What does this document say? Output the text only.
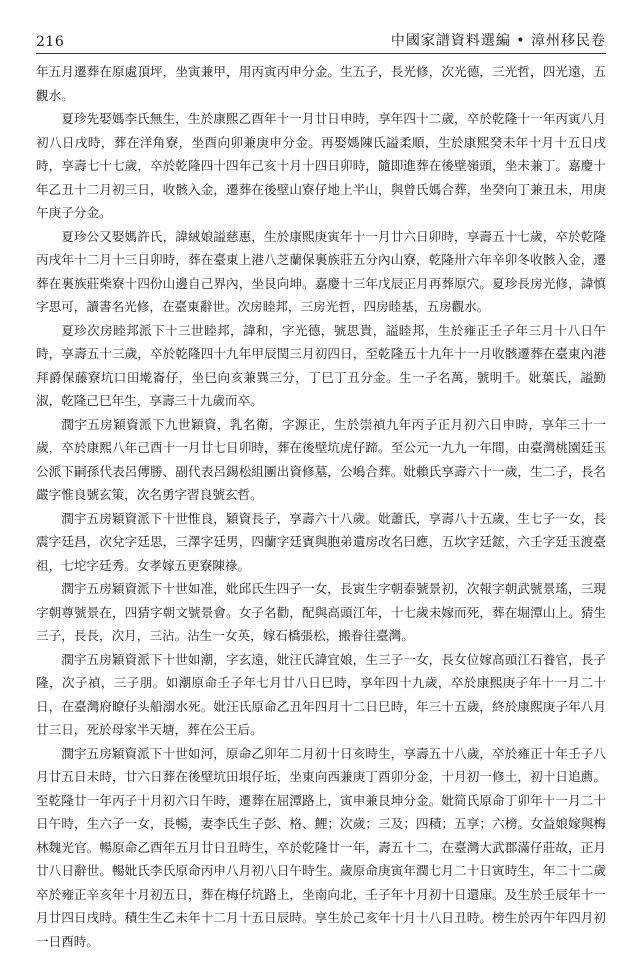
216	中國家譜資料選編 • 漳州移民卷

年五月遷葬在原處頂坪，坐寅兼甲，用丙寅丙申分金。生五子，長光修，次光德，三光哲，四光遠，五觀水。

夏珍先娶媽李氏無生，生於康熙乙酉年十一月廿日申時，享年四十二歲，卒於乾隆十一年丙寅八月初八日戌時，葬在洋角寮，坐酉向卯兼庚申分金。再娶媽陳氏謚柔順，生於康熙癸未年十月十五日戌時，享壽七十七歲，卒於乾隆四十四年己亥十月十四日卯時，隨即進葬在後壁嶺頭，坐未兼丁。嘉慶十年乙丑十二月初三日，收骸入金，遷葬在後壁山寮仔地上半山，與曾氏媽合葬，坐癸向丁兼丑未，用庚午庚子分金。

夏珍公又娶媽許氏，諱絨娘謚慈惠，生於康熙庚寅年十一月廿六日卯時，享壽五十七歲，卒於乾隆丙戌年十二月十三日卯時，葬在臺東上港八芝蘭保裏族莊五分內山寮，乾隆卅六年辛卯冬收骸入金，遷葬在裏族莊柴寮十四份山邊自己界內，坐艮向坤。嘉慶十三年戊辰正月再葬原穴。夏珍長房光修，諱慎字思可，讀書名光修，在臺東辭世。次房睦邦，三房光哲，四房睦基，五房觀水。

夏珍次房睦邦派下十三世睦邦，諱和，字光德，號思貴，謚睦邦，生於雍正壬子年三月十八日午時，享壽五十三歲，卒於乾隆四十九年甲辰閏三月初四日，至乾隆五十九年十一月收骸遷葬在臺東內港拜爵保藤寮坑口田墘崙仔，坐巳向亥兼巽三分，丁巳丁丑分金。生一子名萬，號明千。妣葉氏，謚勤淑，乾隆己巳年生，享壽三十九歲而卒。

潤宇五房穎資派下九世穎資，乳名衛，字源正，生於崇禎九年丙子正月初六日申時，享年三十一歲，卒於康熙八年己酉十一月廿七日卯時，葬在後壁坑虎仔蹄。至公元一九九一年間，由臺灣桃園廷玉公派下嗣孫代表呂傳勝、副代表呂錫松組團出資修墓，公嶋合葬。妣賴氏享壽六十一歲，生二子，長名嚴字惟良號玄策，次名勇字習良號玄哲。

潤宇五房穎資派下十世惟良，穎資長子，享壽六十八歲。妣蕭氏，享壽八十五歲，生七子一女，長震字廷昌，次兌字廷思，三澤字廷男，四蘭字廷賓與胞弟遺房改名曰應，五坎字廷鋐，六壬字廷玉渡臺祖，七坨字廷秀。女孝嫁五更寮陳祿。

潤宇五房穎資派下十世如准，妣邱氏生四子一女，長寅生字朝泰號景初，次報字朝武號景瑤，三現字朝尊號景在，四猜字朝文號景會。女子名勸，配與高頭江年，十七歲未嫁而死，葬在堀潭山上。猜生三子，長長，次月，三沾。沾生一女英，嫁石橋張松，搬眷往臺灣。

潤宇五房穎資派下十世如潮，字玄遠，妣汪氏諱宜娘，生三子一女，長女位嫁高頭江石養官，長子隆，次子禎，三子朋。如潮原命壬子年七月廿八日巳時，享年四十九歲，卒於康熙庚子年十一月二十日，在臺灣府瞭仔头船溺水死。妣汪氏原命乙丑年四月十二日巳時，年三十五歲，終於康熙庚子年八月廿三日，死於母家半天塘，葬在公王后。

潤宇五房穎資派下十世如河，原命乙卯年二月初十日亥時生，享壽五十八歲，卒於雍正十年壬子八月廿五日未時，廿六日葬在後壁坑田垠仔坵，坐東向西兼庚丁酉卯分金，十月初一修土，初十日追薦。至乾隆廿一年丙子十月初六日午時，遷葬在屈潭路上，寅申兼艮坤分金。妣简氏原命丁卯年十一月二十日午時，生六子一女，長暢，妻李氏生子彭、格、鯉；次歲；三及；四積；五享；六榜。女益娘嫁與梅林魏光官。暢原命乙酉年五月廿日丑時生，卒於乾隆廿一年，壽五十二，在臺灣大武郡滿仔莊故，正月廿八日辭世。暢妣氏李氏原命丙申八月初八日午時生。歲原命庚寅年潤七月二十日寅時生，年二十二歲卒於雍正辛亥年十月初五日，葬在梅仔坑路上，坐南向北，壬子年十月初十日還庫。及生於壬辰年十一月廿四日戌時。積生生乙未年十二月十五日辰時。享生於己亥年十月十八日丑時。榜生於丙午年四月初一日酉時。
